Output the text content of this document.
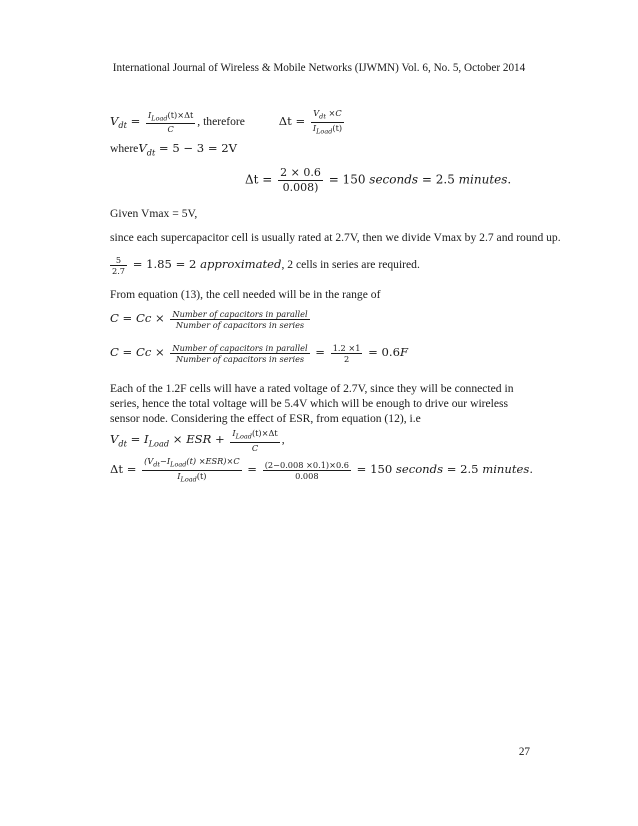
International Journal of Wireless & Mobile Networks (IJWMN) Vol. 6, No. 5, October 2014
$V_{dt} = \frac{I_{Load}(t)\times\Delta t}{C}$ , therefore	$\Delta t = \frac{V_{dt} \times C}{I_{Load}(t)}$
whereV$_{dt}$ = 5 − 3 = 2V
$\Delta t = \frac{2 \times 0.6}{0.008)} = 150$ seconds = 2.5 minutes.
Given Vmax = 5V,
since each supercapacitor cell is usually rated at 2.7V, then we divide Vmax by 2.7 and round up.
$\frac{5}{2.7} = 1.85 = 2$ approximated, 2 cells in series are required.
From equation (13), the cell needed will be in the range of
$C = Cc \times \frac{\text{Number of capacitors in parallel}}{\text{Number of capacitors in series}}$
$C = Cc \times \frac{\text{Number of capacitors in parallel}}{\text{Number of capacitors in series}} = \frac{1.2 \times 1}{2} = 0.6F$
Each of the 1.2F cells will have a rated voltage of 2.7V, since they will be connected in series, hence the total voltage will be 5.4V which will be enough to drive our wireless sensor node. Considering the effect of ESR, from equation (12), i.e
$V_{dt} = I_{Load}$ × ESR + $\frac{I_{Load}(t)\times\Delta t}{C}$ ,
$\Delta t = \frac{(V_{dt}-I_{Load}(t) \times ESR)\times C}{I_{Load}(t)} = \frac{(2-0.008 \times 0.1)\times 0.6}{0.008} = 150$ seconds = 2.5 minutes.
27
